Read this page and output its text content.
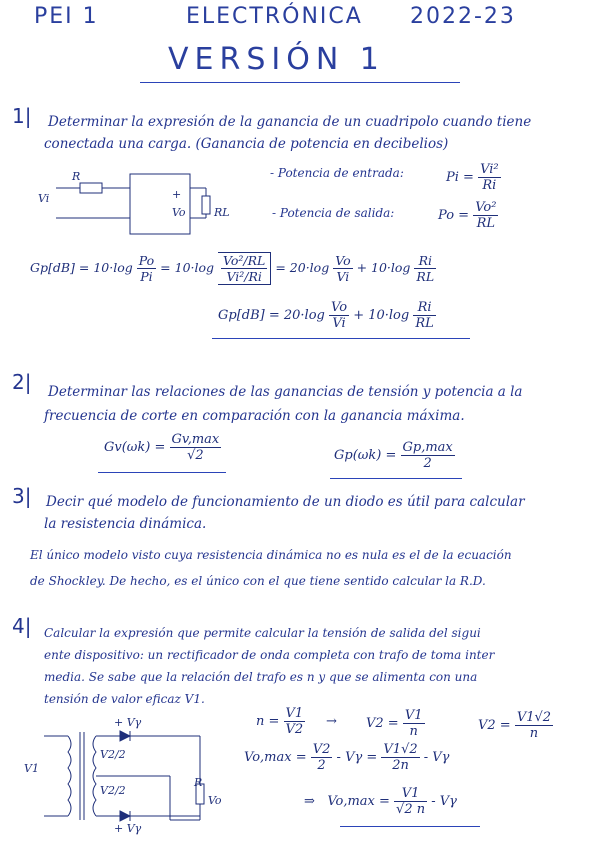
PEI 1	ELECTRÓNICA 2022-23
VERSIÓN 1
1| Determinar la expresión de la ganancia de un cuadripolo cuando tiene
conectada una carga. (Ganancia de potencia en decibelios)
R
Vi	+
Vo	RL
- Potencia de entrada:	$Pi = \frac{\text{Vi²}}{Ri}$
- Potencia de salida:	$Po = \frac{\text{Vo²}}{RL}$
$Gp[dB] = 10\cdot\log \frac{Po}{Pi} = 10\cdot\log \frac{\text{Vo²/RL}}{\text{Vi²/Ri}} = 20\cdot\log \frac{Vo}{Vi} + 10\cdot\log \frac{Ri}{RL}$
$Gp[dB] = 20\cdot\log \frac{Vo}{Vi} + 10\cdot\log \frac{Ri}{RL}$
2| Determinar las relaciones de las ganancias de tensión y potencia a la
frecuencia de corte en comparación con la ganancia máxima.
$Gv(\omega k) = \frac{Gv,\max}{√2}$	$Gp(\omega k) = \frac{Gp,\max}{2}$
3| Decir qué modelo de funcionamiento de un diodo es útil para calcular
la resistencia dinámica.
El único modelo visto cuya resistencia dinámica no es nula es el de la ecuación
de Shockley. De hecho, es el único con el que tiene sentido calcular la R.D.
4| Calcular la expresión que permite calcular la tensión de salida del sigui
ente dispositivo: un rectificador de onda completa con trafo de toma inter
media. Se sabe que la relación del trafo es n y que se alimenta con una
tensión de valor eficaz V1.
V1
+ Vγ
+ Vγ
V2/2
V2/2
R
Vo
$n = \frac{V1}{V2} \to V2 = \frac{V1}{n}$	$V2 = \frac{V1√2}{n}$
$Vo,\max = \frac{V2}{2} - V\gamma = \frac{V1√2}{2n} - V\gamma$
⇒ $Vo,\max = \frac{V1}{√2 n} - V\gamma$
